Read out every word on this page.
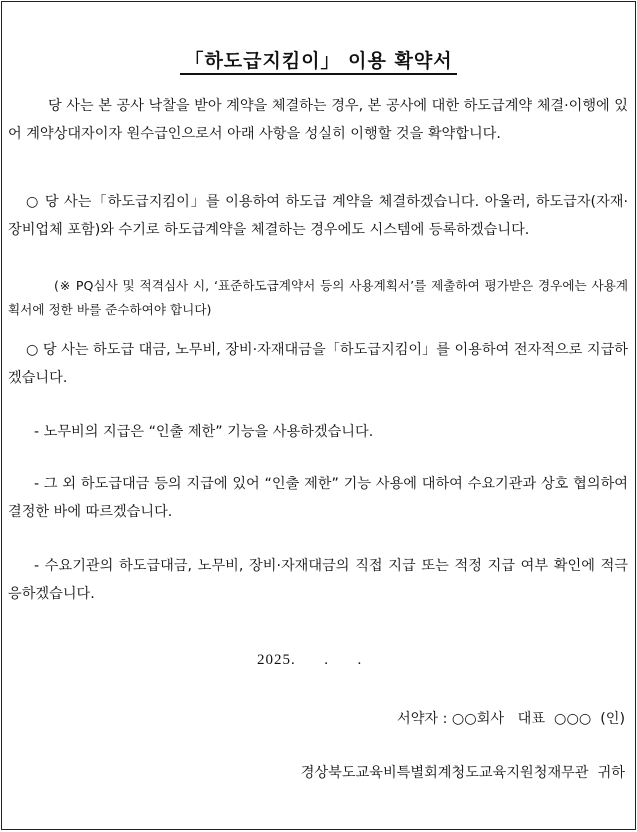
「하도급지킴이」 이용 확약서
당 사는 본 공사 낙찰을 받아 계약을 체결하는 경우, 본 공사에 대한 하도급계약 체결·이행에 있어 계약상대자이자 원수급인으로서 아래 사항을 성실히 이행할 것을 확약합니다.
○ 당 사는「하도급지킴이」를 이용하여 하도급 계약을 체결하겠습니다. 아울러, 하도급자(자재·장비업체 포함)와 수기로 하도급계약을 체결하는 경우에도 시스템에 등록하겠습니다.
(※ PQ심사 및 적격심사 시, ‘표준하도급계약서 등의 사용계획서’를 제출하여 평가받은 경우에는 사용계획서에 정한 바를 준수하여야 합니다)
○ 당 사는 하도급 대금, 노무비, 장비·자재대금을「하도급지킴이」를 이용하여 전자적으로 지급하겠습니다.
- 노무비의 지급은 “인출 제한” 기능을 사용하겠습니다.
- 그 외 하도급대금 등의 지급에 있어 “인출 제한” 기능 사용에 대하여 수요기관과 상호 협의하여 결정한 바에 따르겠습니다.
- 수요기관의 하도급대금, 노무비, 장비·자재대금의 직접 지급 또는 적정 지급 여부 확인에 적극 응하겠습니다.
2025.      .      .
서약자 : ○○회사   대표  ○○○  (인)
경상북도교육비특별회계청도교육지원청재무관  귀하
